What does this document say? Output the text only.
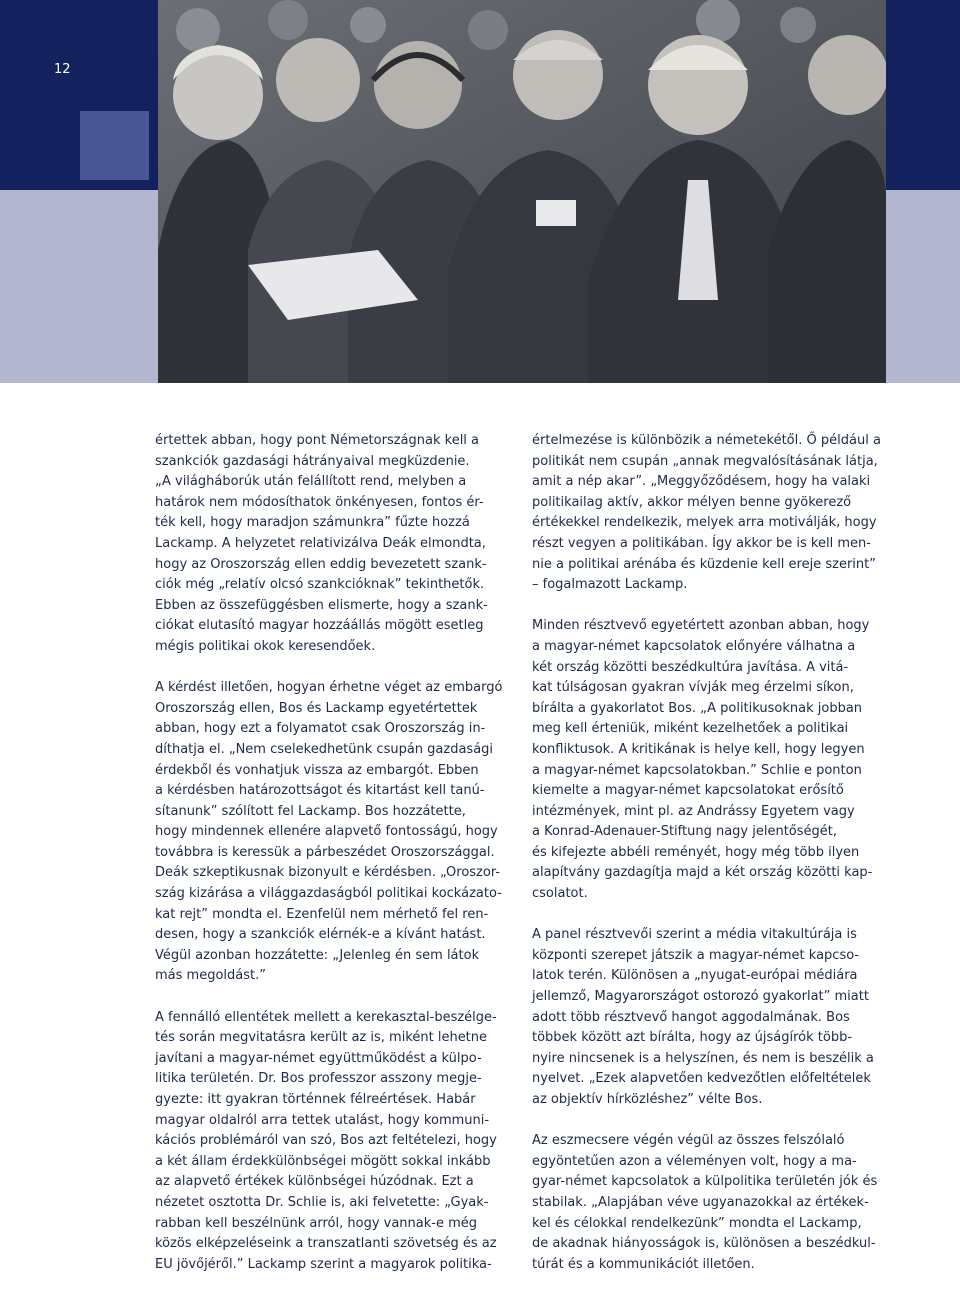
12

értettek abban, hogy pont Németországnak kell a
szankciók gazdasági hátrányaival megküzdenie.
„A világháborúk után felállított rend, melyben a
határok nem módosíthatok önkényesen, fontos ér-
ték kell, hogy maradjon számunkra” fűzte hozzá
Lackamp. A helyzetet relativizálva Deák elmondta,
hogy az Oroszország ellen eddig bevezetett szank-
ciók még „relatív olcsó szankcióknak” tekinthetők.
Ebben az összefüggésben elismerte, hogy a szank-
ciókat elutasító magyar hozzáállás mögött esetleg
mégis politikai okok keresendőek.

A kérdést illetően, hogyan érhetne véget az embargó
Oroszország ellen, Bos és Lackamp egyetértettek
abban, hogy ezt a folyamatot csak Oroszország in-
díthatja el. „Nem cselekedhetünk csupán gazdasági
érdekből és vonhatjuk vissza az embargót. Ebben
a kérdésben határozottságot és kitartást kell tanú-
sítanunk” szólított fel Lackamp. Bos hozzátette,
hogy mindennek ellenére alapvető fontosságú, hogy
továbbra is keressük a párbeszédet Oroszországgal.
Deák szkeptikusnak bizonyult e kérdésben. „Oroszor-
szág kizárása a világgazdaságból politikai kockázato-
kat rejt” mondta el. Ezenfelül nem mérhető fel ren-
desen, hogy a szankciók elérnék-e a kívánt hatást.
Végül azonban hozzátette: „Jelenleg én sem látok
más megoldást.”

A fennálló ellentétek mellett a kerekasztal-beszélge-
tés során megvitatásra került az is, miként lehetne
javítani a magyar-német együttműködést a külpo-
litika területén. Dr. Bos professzor asszony megje-
gyezte: itt gyakran történnek félreértések. Habár
magyar oldalról arra tettek utalást, hogy kommuni-
kációs problémáról van szó, Bos azt feltételezi, hogy
a két állam érdekkülönbségei mögött sokkal inkább
az alapvető értékek különbségei húzódnak. Ezt a
nézetet osztotta Dr. Schlie is, aki felvetette: „Gyak-
rabban kell beszélnünk arról, hogy vannak-e még
közös elképzeléseink a transzatlanti szövetség és az
EU jövőjéről.” Lackamp szerint a magyarok politika-

értelmezése is különbözik a németekétől. Ő például a
politikát nem csupán „annak megvalósításának látja,
amit a nép akar”. „Meggyőződésem, hogy ha valaki
politikailag aktív, akkor mélyen benne gyökerező
értékekkel rendelkezik, melyek arra motiválják, hogy
részt vegyen a politikában. Így akkor be is kell men-
nie a politikai arénába és küzdenie kell ereje szerint”
– fogalmazott Lackamp.

Minden résztvevő egyetértett azonban abban, hogy
a magyar-német kapcsolatok előnyére válhatna a
két ország közötti beszédkultúra javítása. A vitá-
kat túlságosan gyakran vívják meg érzelmi síkon,
bírálta a gyakorlatot Bos. „A politikusoknak jobban
meg kell érteniük, miként kezelhetőek a politikai
konfliktusok. A kritikának is helye kell, hogy legyen
a magyar-német kapcsolatokban.” Schlie e ponton
kiemelte a magyar-német kapcsolatokat erősítő
intézmények, mint pl. az Andrássy Egyetem vagy
a Konrad-Adenauer-Stiftung nagy jelentőségét,
és kifejezte abbéli reményét, hogy még több ilyen
alapítvány gazdagítja majd a két ország közötti kap-
csolatot.

A panel résztvevői szerint a média vitakultúrája is
központi szerepet játszik a magyar-német kapcso-
latok terén. Különösen a „nyugat-európai médiára
jellemző, Magyarországot ostorozó gyakorlat” miatt
adott több résztvevő hangot aggodalmának. Bos
többek között azt bírálta, hogy az újságírók több-
nyire nincsenek is a helyszínen, és nem is beszélik a
nyelvet. „Ezek alapvetően kedvezőtlen előfeltételek
az objektív hírközléshez” vélte Bos.

Az eszmecsere végén végül az összes felszólaló
egyöntetűen azon a véleményen volt, hogy a ma-
gyar-német kapcsolatok a külpolitika területén jók és
stabilak. „Alapjában véve ugyanazokkal az értékek-
kel és célokkal rendelkezünk” mondta el Lackamp,
de akadnak hiányosságok is, különösen a beszédkul-
túrát és a kommunikációt illetően.
